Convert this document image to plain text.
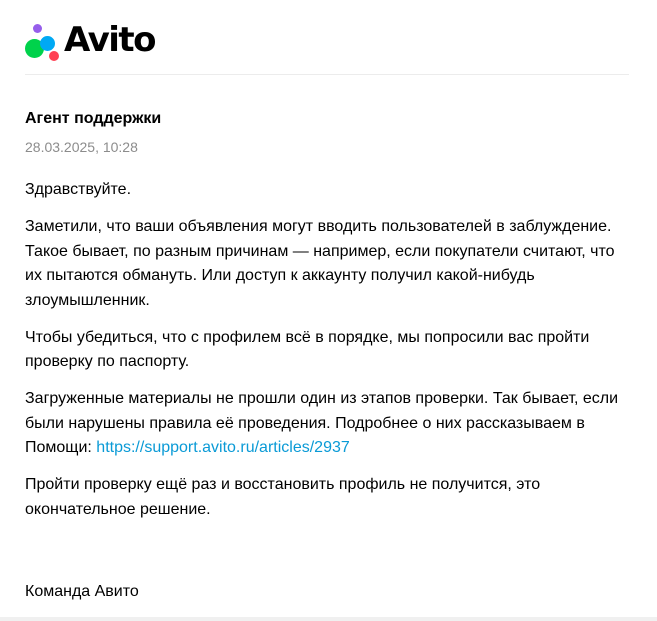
Avito
Агент поддержки
28.03.2025, 10:28

Здравствуйте.

Заметили, что ваши объявления могут вводить пользователей в заблуждение. Такое бывает, по разным причинам — например, если покупатели считают, что их пытаются обмануть. Или доступ к аккаунту получил какой-нибудь злоумышленник.

Чтобы убедиться, что с профилем всё в порядке, мы попросили вас пройти проверку по паспорту.

Загруженные материалы не прошли один из этапов проверки. Так бывает, если были нарушены правила её проведения. Подробнее о них рассказываем в Помощи: https://support.avito.ru/articles/2937

Пройти проверку ещё раз и восстановить профиль не получится, это окончательное решение.

Команда Авито
